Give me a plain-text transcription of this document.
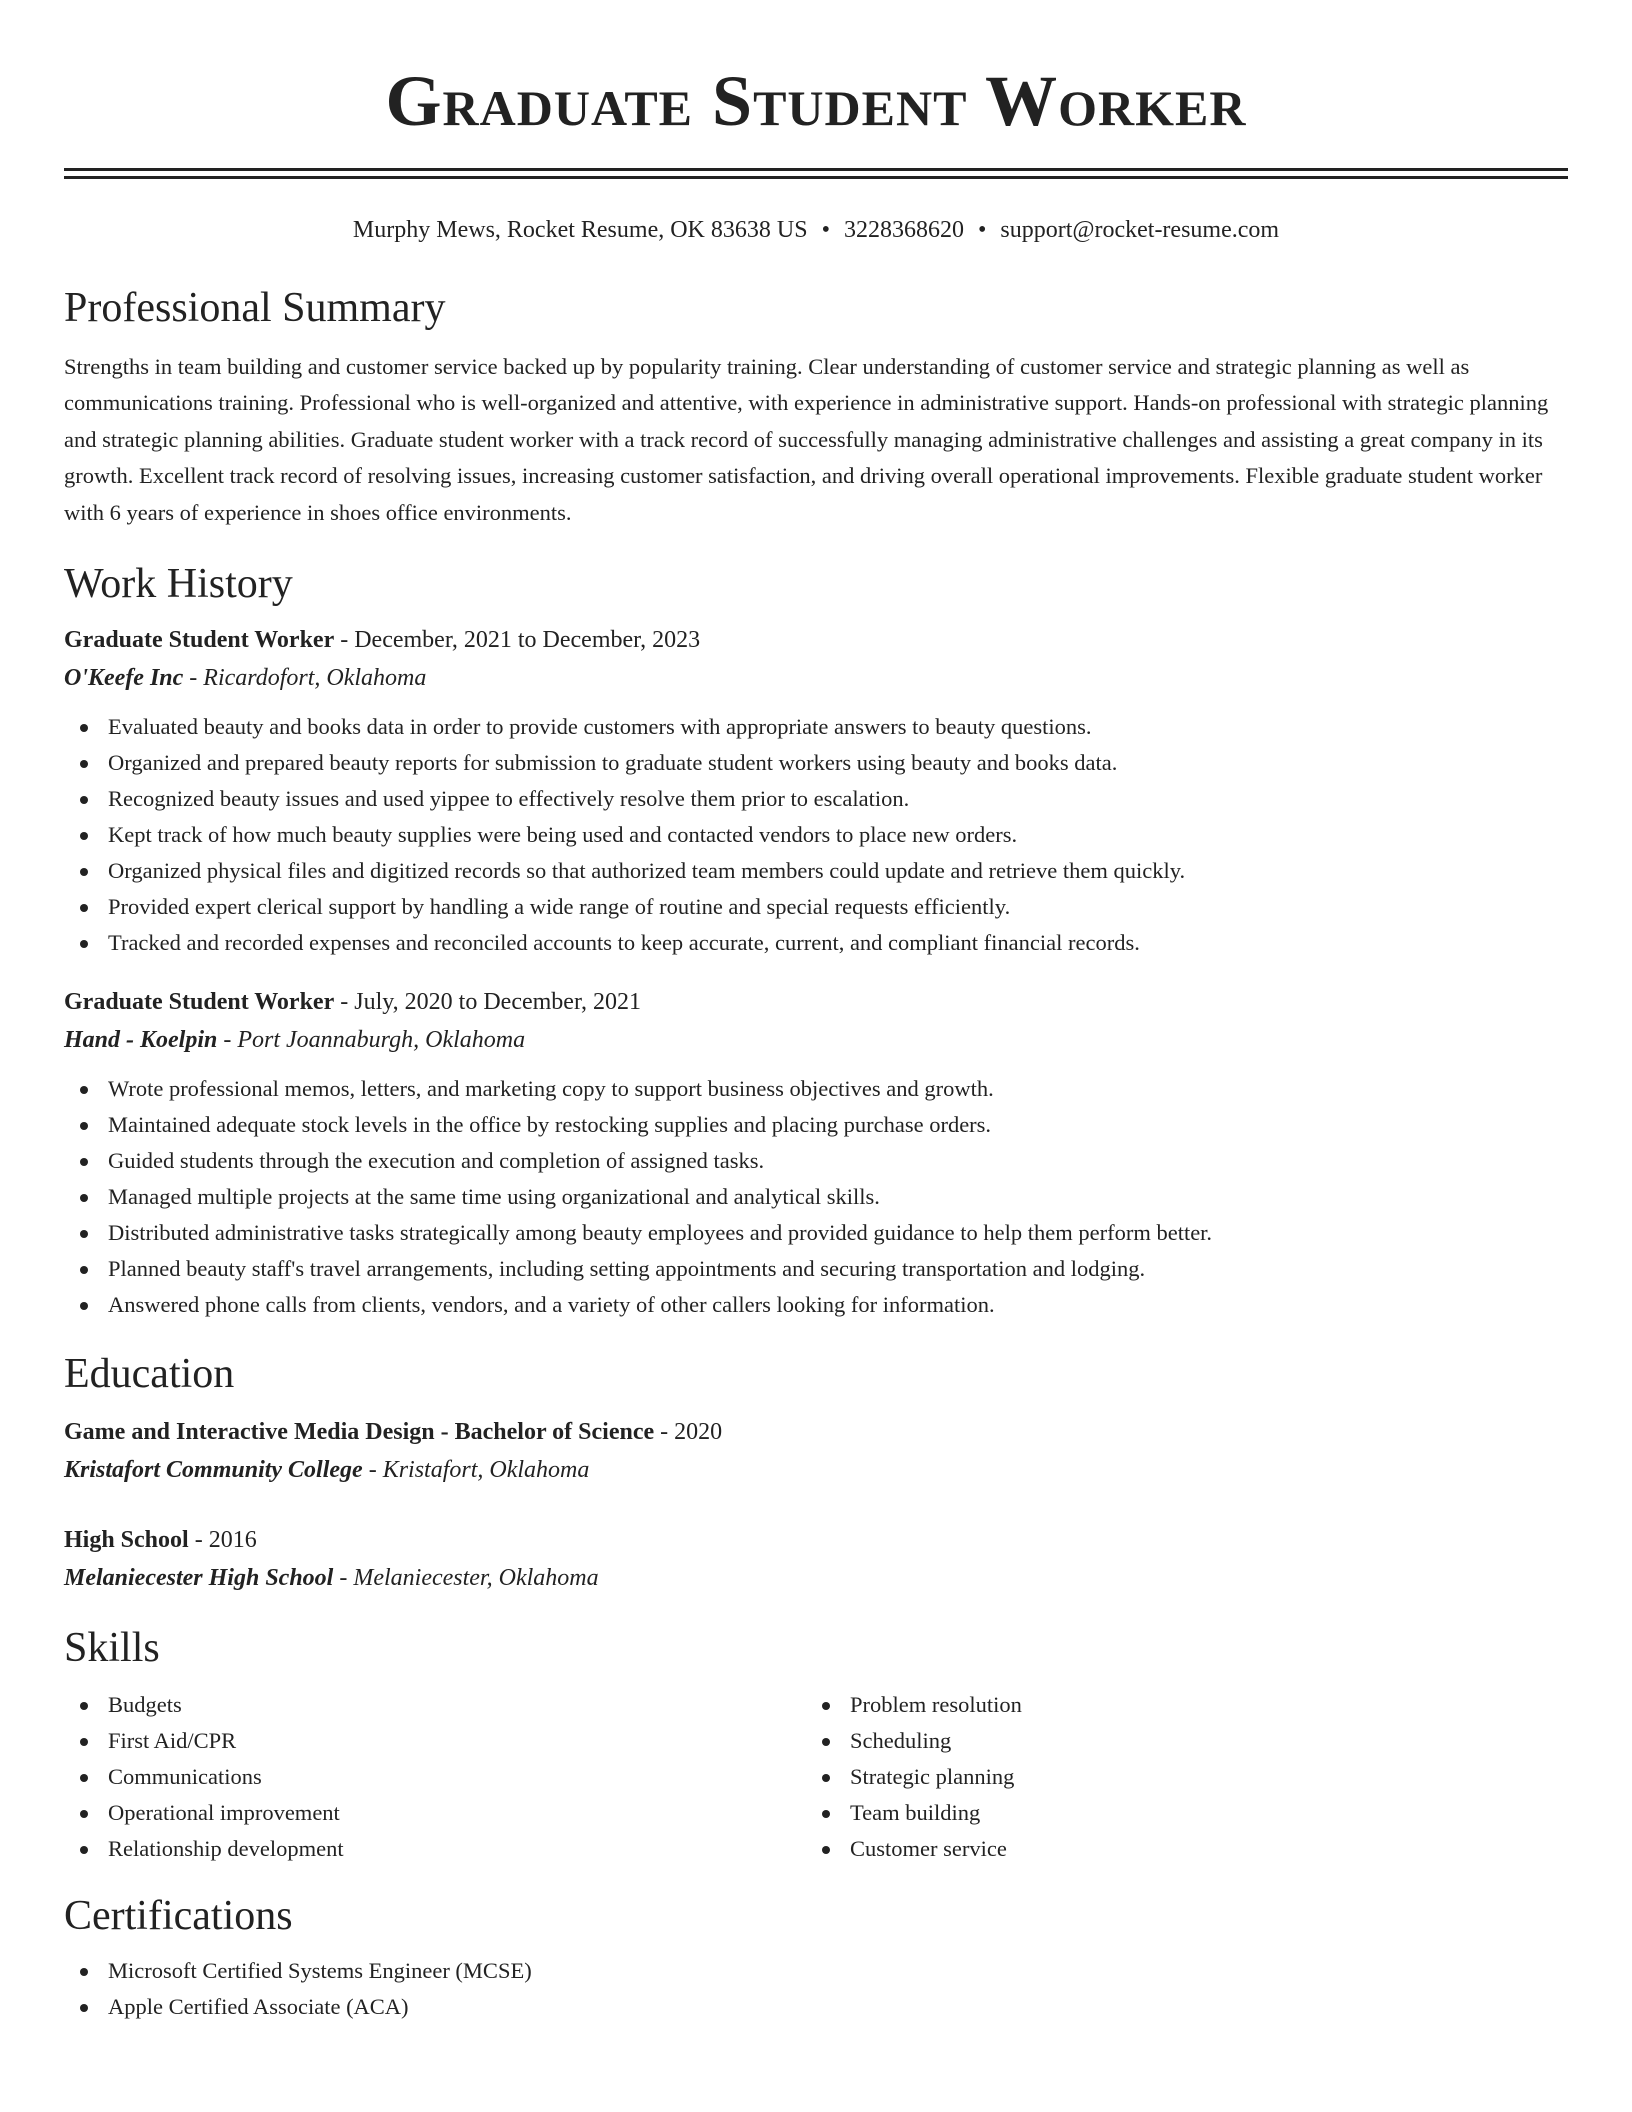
Graduate Student Worker
Murphy Mews, Rocket Resume, OK 83638 US • 3228368620 • support@rocket-resume.com
Professional Summary

Strengths in team building and customer service backed up by popularity training. Clear understanding of customer service and strategic planning as well as communications training. Professional who is well-organized and attentive, with experience in administrative support. Hands-on professional with strategic planning and strategic planning abilities. Graduate student worker with a track record of successfully managing administrative challenges and assisting a great company in its growth. Excellent track record of resolving issues, increasing customer satisfaction, and driving overall operational improvements. Flexible graduate student worker with 6 years of experience in shoes office environments.

Work History
Graduate Student Worker - December, 2021 to December, 2023
O'Keefe Inc - Ricardofort, Oklahoma
Evaluated beauty and books data in order to provide customers with appropriate answers to beauty questions.
Organized and prepared beauty reports for submission to graduate student workers using beauty and books data.
Recognized beauty issues and used yippee to effectively resolve them prior to escalation.
Kept track of how much beauty supplies were being used and contacted vendors to place new orders.
Organized physical files and digitized records so that authorized team members could update and retrieve them quickly.
Provided expert clerical support by handling a wide range of routine and special requests efficiently.
Tracked and recorded expenses and reconciled accounts to keep accurate, current, and compliant financial records.
Graduate Student Worker - July, 2020 to December, 2021
Hand - Koelpin - Port Joannaburgh, Oklahoma
Wrote professional memos, letters, and marketing copy to support business objectives and growth.
Maintained adequate stock levels in the office by restocking supplies and placing purchase orders.
Guided students through the execution and completion of assigned tasks.
Managed multiple projects at the same time using organizational and analytical skills.
Distributed administrative tasks strategically among beauty employees and provided guidance to help them perform better.
Planned beauty staff's travel arrangements, including setting appointments and securing transportation and lodging.
Answered phone calls from clients, vendors, and a variety of other callers looking for information.
Education
Game and Interactive Media Design - Bachelor of Science - 2020
Kristafort Community College - Kristafort, Oklahoma
High School - 2016
Melaniecester High School - Melaniecester, Oklahoma
Skills
Budgets
First Aid/CPR
Communications
Operational improvement
Relationship development
Problem resolution
Scheduling
Strategic planning
Team building
Customer service
Certifications
Microsoft Certified Systems Engineer (MCSE)
Apple Certified Associate (ACA)
